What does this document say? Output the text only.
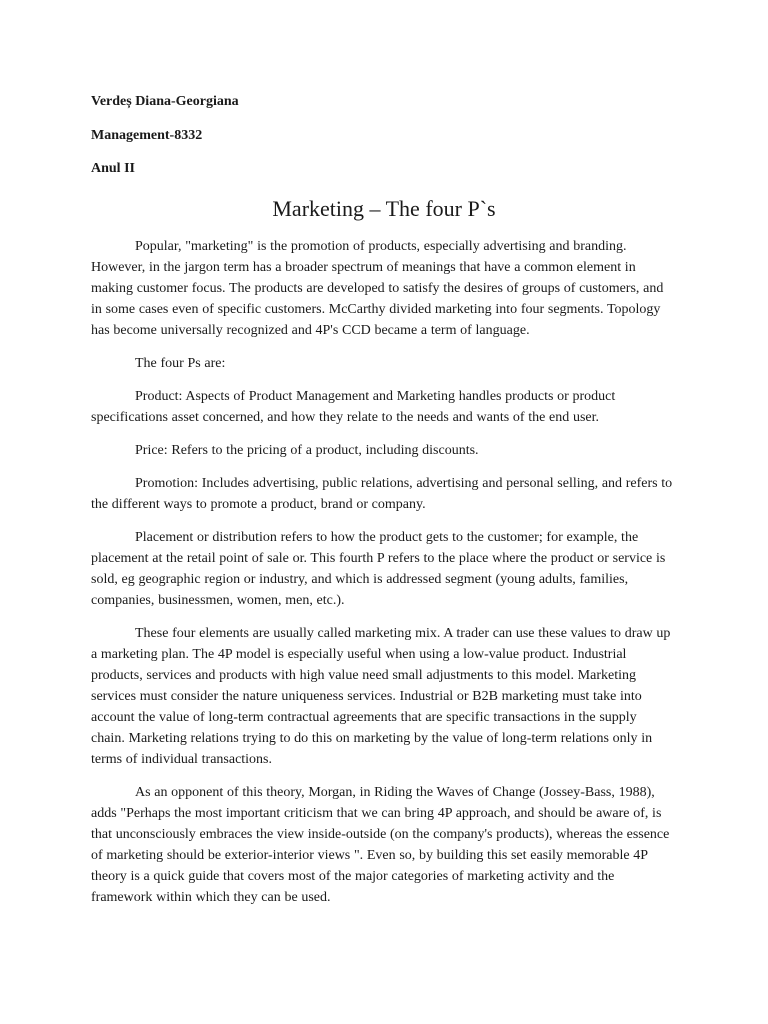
Verdeș Diana-Georgiana
Management-8332
Anul II
Marketing – The four P`s

Popular, "marketing" is the promotion of products, especially advertising and branding. However, in the jargon term has a broader spectrum of meanings that have a common element in making customer focus. The products are developed to satisfy the desires of groups of customers, and in some cases even of specific customers. McCarthy divided marketing into four segments. Topology has become universally recognized and 4P's CCD became a term of language.

The four Ps are:

Product: Aspects of Product Management and Marketing handles products or product specifications asset concerned, and how they relate to the needs and wants of the end user.

Price: Refers to the pricing of a product, including discounts.

Promotion: Includes advertising, public relations, advertising and personal selling, and refers to the different ways to promote a product, brand or company.

Placement or distribution refers to how the product gets to the customer; for example, the placement at the retail point of sale or. This fourth P refers to the place where the product or service is sold, eg geographic region or industry, and which is addressed segment (young adults, families, companies, businessmen, women, men, etc.).

These four elements are usually called marketing mix. A trader can use these values to draw up a marketing plan. The 4P model is especially useful when using a low-value product. Industrial products, services and products with high value need small adjustments to this model. Marketing services must consider the nature uniqueness services. Industrial or B2B marketing must take into account the value of long-term contractual agreements that are specific transactions in the supply chain. Marketing relations trying to do this on marketing by the value of long-term relations only in terms of individual transactions.

As an opponent of this theory, Morgan, in Riding the Waves of Change (Jossey-Bass, 1988), adds "Perhaps the most important criticism that we can bring 4P approach, and should be aware of, is that unconsciously embraces the view inside-outside (on the company's products), whereas the essence of marketing should be exterior-interior views ". Even so, by building this set easily memorable 4P theory is a quick guide that covers most of the major categories of marketing activity and the framework within which they can be used.
